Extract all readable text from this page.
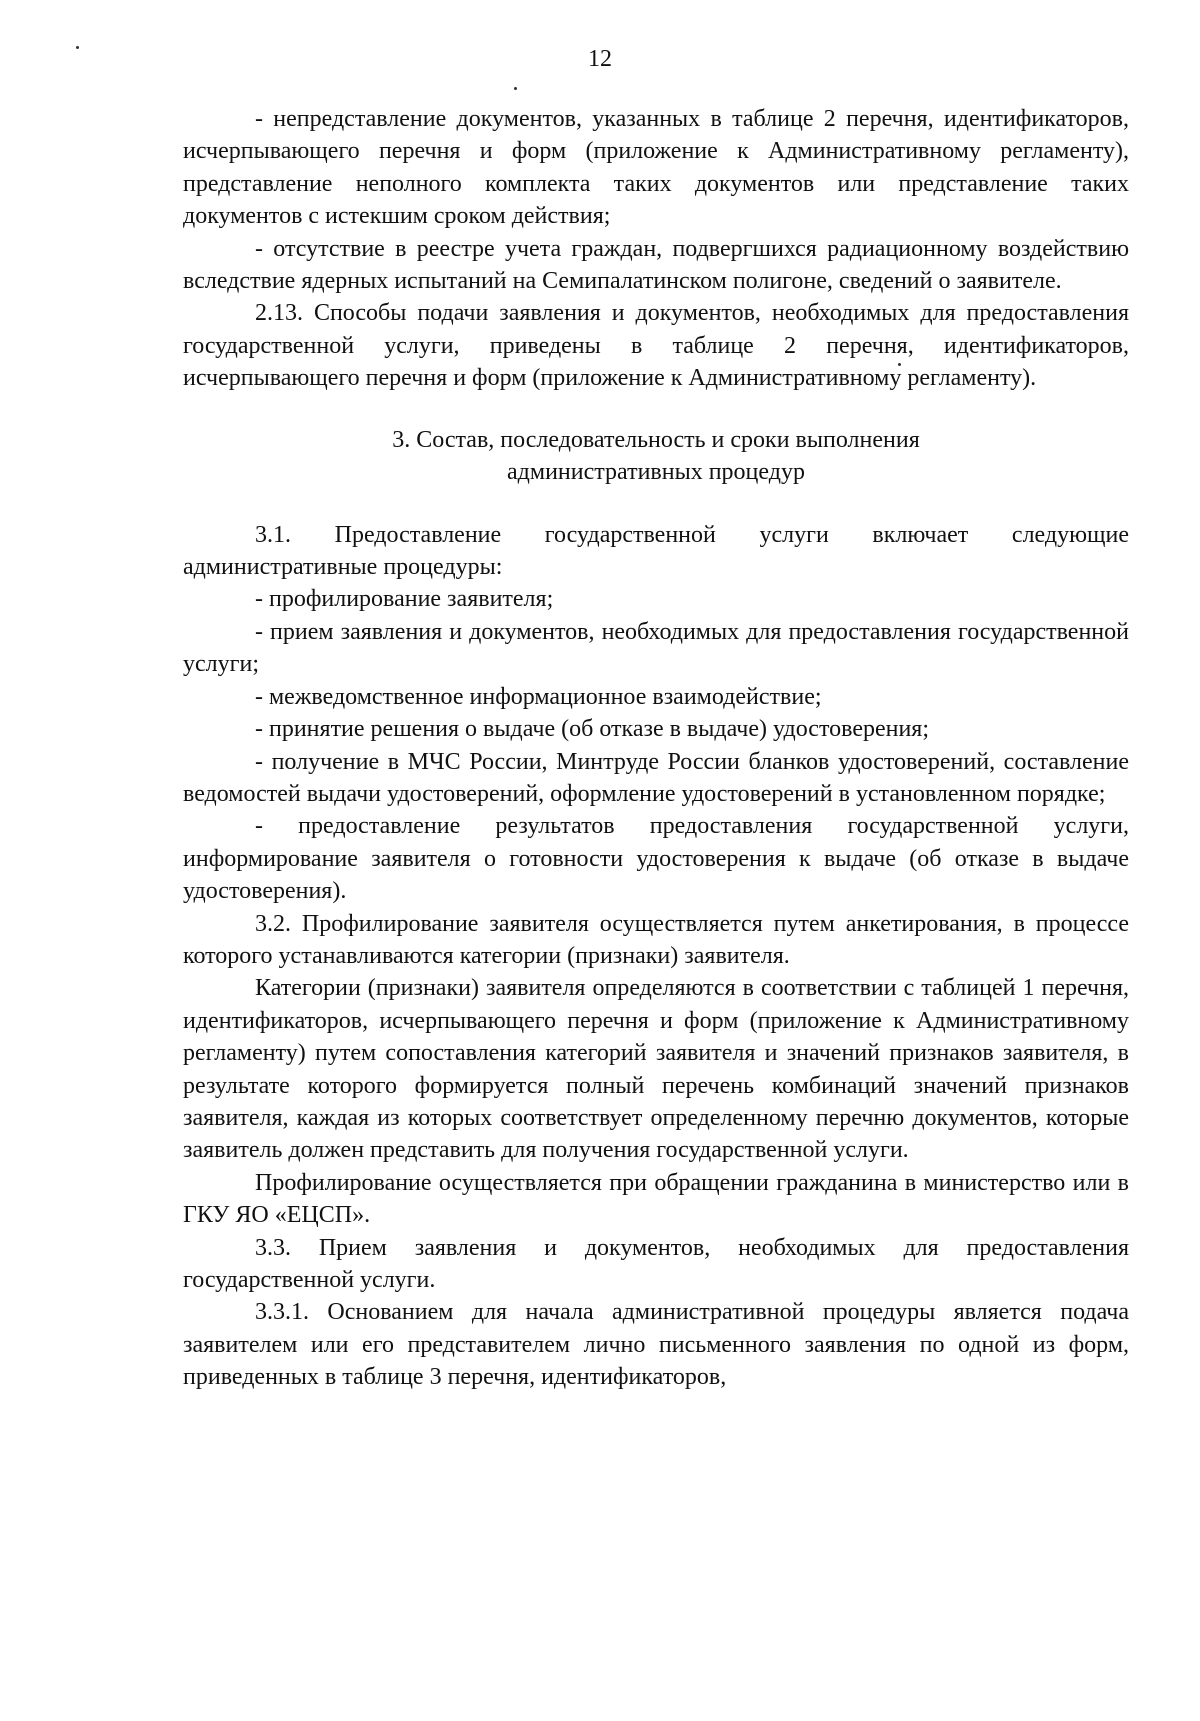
12

- непредставление документов, указанных в таблице 2 перечня, идентификаторов, исчерпывающего перечня и форм (приложение к Административному регламенту), представление неполного комплекта таких документов или представление таких документов с истекшим сроком действия;

- отсутствие в реестре учета граждан, подвергшихся радиационному воздействию вследствие ядерных испытаний на Семипалатинском полигоне, сведений о заявителе.

2.13. Способы подачи заявления и документов, необходимых для предоставления государственной услуги, приведены в таблице 2 перечня, идентификаторов, исчерпывающего перечня и форм (приложение к Административному регламенту).

3. Состав, последовательность и сроки выполнения
административных процедур

3.1. Предоставление государственной услуги включает следующие административные процедуры:

- профилирование заявителя;

- прием заявления и документов, необходимых для предоставления государственной услуги;

- межведомственное информационное взаимодействие;

- принятие решения о выдаче (об отказе в выдаче) удостоверения;

- получение в МЧС России, Минтруде России бланков удостоверений, составление ведомостей выдачи удостоверений, оформление удостоверений в установленном порядке;

- предоставление результатов предоставления государственной услуги, информирование заявителя о готовности удостоверения к выдаче (об отказе в выдаче удостоверения).

3.2. Профилирование заявителя осуществляется путем анкетирования, в процессе которого устанавливаются категории (признаки) заявителя.

Категории (признаки) заявителя определяются в соответствии с таблицей 1 перечня, идентификаторов, исчерпывающего перечня и форм (приложение к Административному регламенту) путем сопоставления категорий заявителя и значений признаков заявителя, в результате которого формируется полный перечень комбинаций значений признаков заявителя, каждая из которых соответствует определенному перечню документов, которые заявитель должен представить для получения государственной услуги.

Профилирование осуществляется при обращении гражданина в министерство или в ГКУ ЯО «ЕЦСП».

3.3. Прием заявления и документов, необходимых для предоставления государственной услуги.

3.3.1. Основанием для начала административной процедуры является подача заявителем или его представителем лично письменного заявления по одной из форм, приведенных в таблице 3 перечня, идентификаторов,
